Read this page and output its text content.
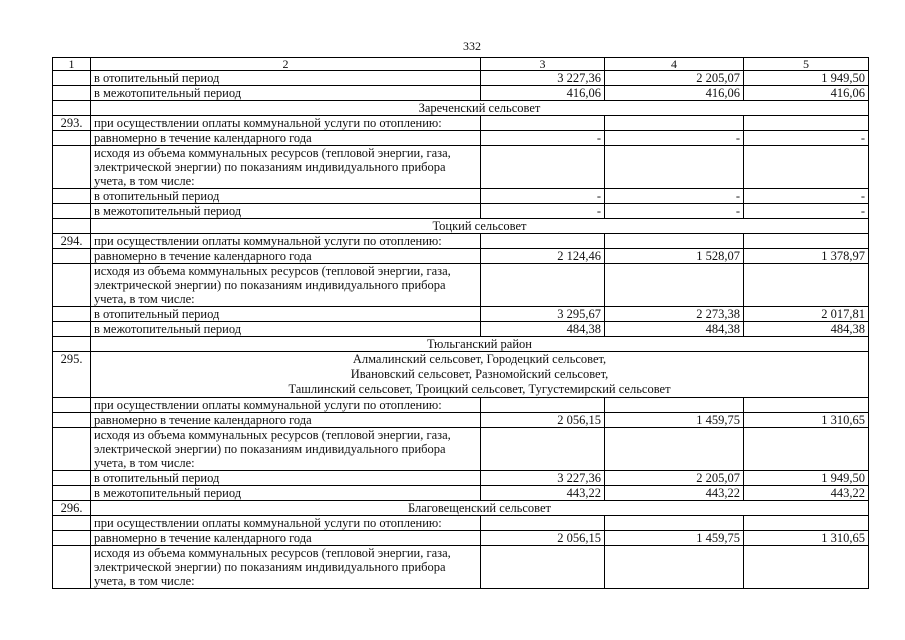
332
1	2	3	4	5
	в отопительный период	3 227,36	2 205,07	1 949,50
	в межотопительный период	416,06	416,06	416,06
	Зареченский сельсовет			
293.	при осуществлении оплаты коммунальной услуги по отоплению:			
	равномерно в течение календарного года	-	-	-

	исходя из объема коммунальных ресурсов (тепловой энергии, газа,
электрической энергии) по показаниям индивидуального прибора
учета, в том числе:			

	в отопительный период	-	-	-
	в межотопительный период	-	-	-
	Тоцкий сельсовет			
294.	при осуществлении оплаты коммунальной услуги по отоплению:			
	равномерно в течение календарного года	2 124,46	1 528,07	1 378,97

	исходя из объема коммунальных ресурсов (тепловой энергии, газа,
электрической энергии) по показаниям индивидуального прибора
учета, в том числе:			

	в отопительный период	3 295,67	2 273,38	2 017,81
	в межотопительный период	484,38	484,38	484,38
	Тюльганский район			
295.	Алмалинский сельсовет, Городецкий сельсовет,
Ивановский сельсовет, Разномойский сельсовет,
Ташлинский сельсовет, Троицкий сельсовет, Тугустемирский сельсовет			

	при осуществлении оплаты коммунальной услуги по отоплению:			
	равномерно в течение календарного года	2 056,15	1 459,75	1 310,65

	исходя из объема коммунальных ресурсов (тепловой энергии, газа,
электрической энергии) по показаниям индивидуального прибора
учета, в том числе:			

	в отопительный период	3 227,36	2 205,07	1 949,50
	в межотопительный период	443,22	443,22	443,22
296.	Благовещенский сельсовет			
	при осуществлении оплаты коммунальной услуги по отоплению:			
	равномерно в течение календарного года	2 056,15	1 459,75	1 310,65

	исходя из объема коммунальных ресурсов (тепловой энергии, газа,
электрической энергии) по показаниям индивидуального прибора
учета, в том числе:			
